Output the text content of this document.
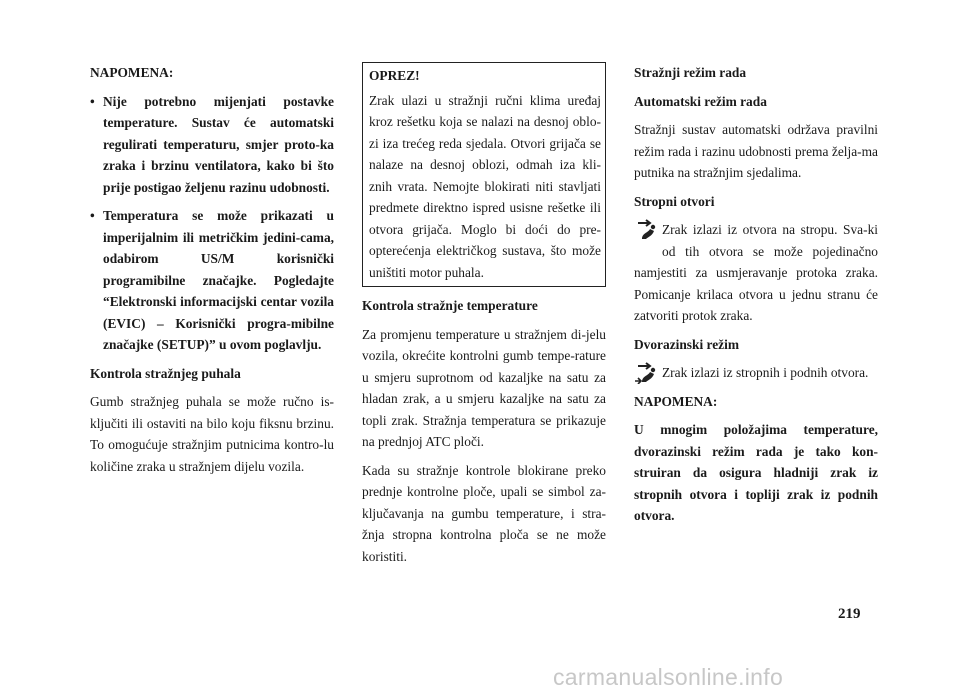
NAPOMENA:
• Nije potrebno mijenjati postavke temperature. Sustav će automatski regulirati temperaturu, smjer proto-ka zraka i brzinu ventilatora, kako bi što prije postigao željenu razinu udobnosti.
• Temperatura se može prikazati u imperijalnim ili metričkim jedini-cama, odabirom US/M korisnički programibilne značajke. Pogledajte “Elektronski informacijski centar vozila (EVIC) – Korisnički progra-mibilne značajke (SETUP)” u ovom poglavlju.
Kontrola stražnjeg puhala

Gumb stražnjeg puhala se može ručno is-ključiti ili ostaviti na bilo koju fiksnu brzinu. To omogućuje stražnjim putnicima kontro-lu količine zraka u stražnjem dijelu vozila.

OPREZ!

Zrak ulazi u stražnji ručni klima uređaj kroz rešetku koja se nalazi na desnoj oblo-zi iza trećeg reda sjedala. Otvori grijača se nalaze na desnoj oblozi, odmah iza kli-znih vrata. Nemojte blokirati niti stavljati predmete direktno ispred usisne rešetke ili otvora grijača. Moglo bi doći do pre-opterećenja električkog sustava, što može uništiti motor puhala.

Kontrola stražnje temperature

Za promjenu temperature u stražnjem di-jelu vozila, okrećite kontrolni gumb tempe-rature u smjeru suprotnom od kazaljke na satu za hladan zrak, a u smjeru kazaljke na satu za topli zrak. Stražnja temperatura se prikazuje na prednjoj ATC ploči.

Kada su stražnje kontrole blokirane preko prednje kontrolne ploče, upali se simbol za-ključavanja na gumbu temperature, i stra-žnja stropna kontrolna ploča se ne može koristiti.

Stražnji režim rada
Automatski režim rada

Stražnji sustav automatski održava pravilni režim rada i razinu udobnosti prema želja-ma putnika na stražnjim sjedalima.

Stropni otvori

Zrak izlazi iz otvora na stropu. Sva-ki od tih otvora se može pojedinačno namjestiti za usmjeravanje protoka zraka. Pomicanje krilaca otvora u jednu stranu će zatvoriti protok zraka.

Dvorazinski režim

Zrak izlazi iz stropnih i podnih otvora.

NAPOMENA:

U mnogim položajima temperature, dvorazinski režim rada je tako kon-struiran da osigura hladniji zrak iz stropnih otvora i topliji zrak iz podnih otvora.

219
carmanualsonline.info
